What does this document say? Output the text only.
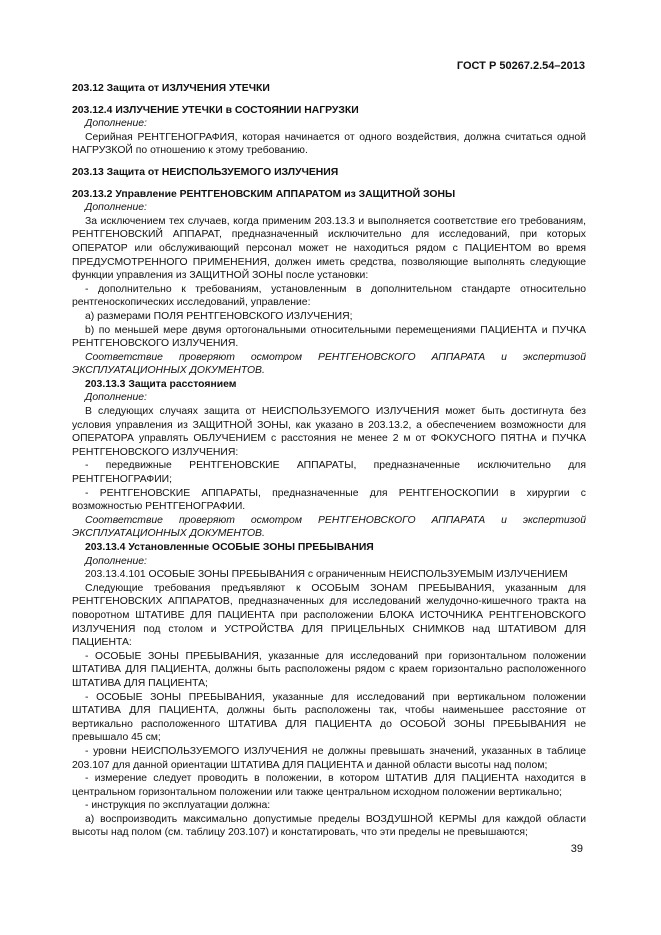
ГОСТ Р 50267.2.54–2013

203.12 Защита от ИЗЛУЧЕНИЯ УТЕЧКИ

203.12.4 ИЗЛУЧЕНИЕ УТЕЧКИ в СОСТОЯНИИ НАГРУЗКИ

Дополнение:

Серийная РЕНТГЕНОГРАФИЯ, которая начинается от одного воздействия, должна считаться одной НАГРУЗКОЙ по отношению к этому требованию.

203.13 Защита от НЕИСПОЛЬЗУЕМОГО ИЗЛУЧЕНИЯ

203.13.2 Управление РЕНТГЕНОВСКИМ АППАРАТОМ из ЗАЩИТНОЙ ЗОНЫ

Дополнение:

За исключением тех случаев, когда применим 203.13.3 и выполняется соответствие его требованиям, РЕНТГЕНОВСКИЙ АППАРАТ, предназначенный исключительно для исследований, при которых ОПЕРАТОР или обслуживающий персонал может не находиться рядом с ПАЦИЕНТОМ во время ПРЕДУСМОТРЕННОГО ПРИМЕНЕНИЯ, должен иметь средства, позволяющие выполнять следующие функции управления из ЗАЩИТНОЙ ЗОНЫ после установки:

- дополнительно к требованиям, установленным в дополнительном стандарте относительно рентгеноскопических исследований, управление:

a) размерами ПОЛЯ РЕНТГЕНОВСКОГО ИЗЛУЧЕНИЯ;

b) по меньшей мере двумя ортогональными относительными перемещениями ПАЦИЕНТА и ПУЧКА РЕНТГЕНОВСКОГО ИЗЛУЧЕНИЯ.

Соответствие проверяют осмотром РЕНТГЕНОВСКОГО АППАРАТА и экспертизой ЭКСПЛУАТАЦИОННЫХ ДОКУМЕНТОВ.

203.13.3 Защита расстоянием

Дополнение:

В следующих случаях защита от НЕИСПОЛЬЗУЕМОГО ИЗЛУЧЕНИЯ может быть достигнута без условия управления из ЗАЩИТНОЙ ЗОНЫ, как указано в 203.13.2, а обеспечением возможности для ОПЕРАТОРА управлять ОБЛУЧЕНИЕМ с расстояния не менее 2 м от ФОКУСНОГО ПЯТНА и ПУЧКА РЕНТГЕНОВСКОГО ИЗЛУЧЕНИЯ:

- передвижные РЕНТГЕНОВСКИЕ АППАРАТЫ, предназначенные исключительно для РЕНТГЕНОГРАФИИ;

- РЕНТГЕНОВСКИЕ АППАРАТЫ, предназначенные для РЕНТГЕНОСКОПИИ в хирургии с возможностью РЕНТГЕНОГРАФИИ.

Соответствие проверяют осмотром РЕНТГЕНОВСКОГО АППАРАТА и экспертизой ЭКСПЛУАТАЦИОННЫХ ДОКУМЕНТОВ.

203.13.4 Установленные ОСОБЫЕ ЗОНЫ ПРЕБЫВАНИЯ

Дополнение:

203.13.4.101 ОСОБЫЕ ЗОНЫ ПРЕБЫВАНИЯ с ограниченным НЕИСПОЛЬЗУЕМЫМ ИЗЛУЧЕНИЕМ

Следующие требования предъявляют к ОСОБЫМ ЗОНАМ ПРЕБЫВАНИЯ, указанным для РЕНТГЕНОВСКИХ АППАРАТОВ, предназначенных для исследований желудочно-кишечного тракта на поворотном ШТАТИВЕ ДЛЯ ПАЦИЕНТА при расположении БЛОКА ИСТОЧНИКА РЕНТГЕНОВСКОГО ИЗЛУЧЕНИЯ под столом и УСТРОЙСТВА ДЛЯ ПРИЦЕЛЬНЫХ СНИМКОВ над ШТАТИВОМ ДЛЯ ПАЦИЕНТА:

- ОСОБЫЕ ЗОНЫ ПРЕБЫВАНИЯ, указанные для исследований при горизонтальном положении ШТАТИВА ДЛЯ ПАЦИЕНТА, должны быть расположены рядом с краем горизонтально расположенного ШТАТИВА ДЛЯ ПАЦИЕНТА;

- ОСОБЫЕ ЗОНЫ ПРЕБЫВАНИЯ, указанные для исследований при вертикальном положении ШТАТИВА ДЛЯ ПАЦИЕНТА, должны быть расположены так, чтобы наименьшее расстояние от вертикально расположенного ШТАТИВА ДЛЯ ПАЦИЕНТА до ОСОБОЙ ЗОНЫ ПРЕБЫВАНИЯ не превышало 45 см;

- уровни НЕИСПОЛЬЗУЕМОГО ИЗЛУЧЕНИЯ не должны превышать значений, указанных в таблице 203.107 для данной ориентации ШТАТИВА ДЛЯ ПАЦИЕНТА и данной области высоты над полом;

- измерение следует проводить в положении, в котором ШТАТИВ ДЛЯ ПАЦИЕНТА находится в центральном горизонтальном положении или также центральном исходном положении вертикально;

- инструкция по эксплуатации должна:

a) воспроизводить максимально допустимые пределы ВОЗДУШНОЙ КЕРМЫ для каждой области высоты над полом (см. таблицу 203.107) и констатировать, что эти пределы не превышаются;

39
